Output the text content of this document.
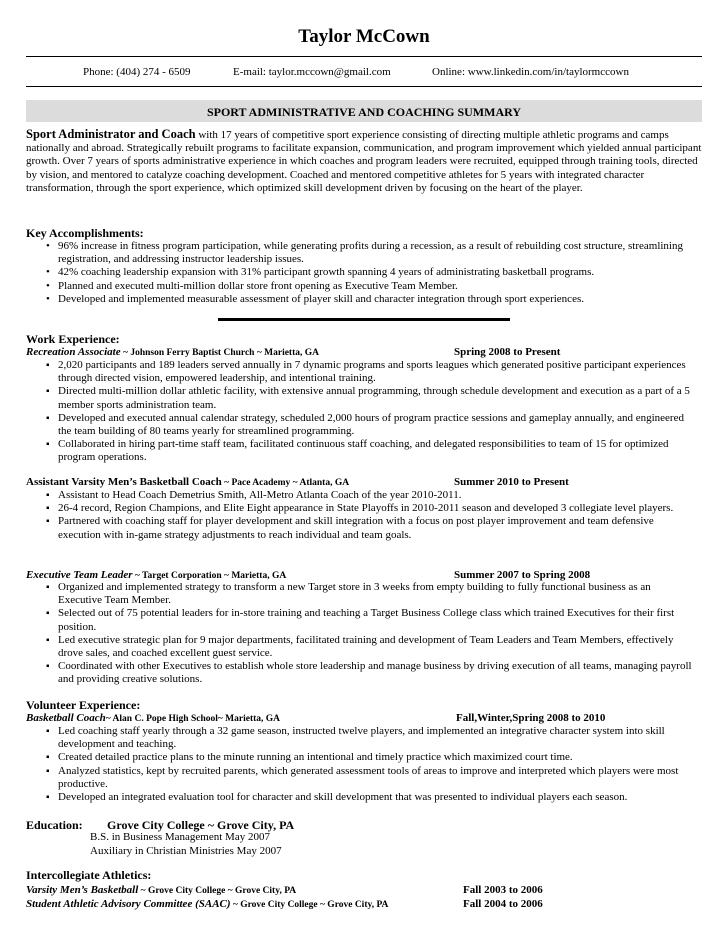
Taylor McCown
Phone: (404) 274 - 6509	E-mail: taylor.mccown@gmail.com	Online: www.linkedin.com/in/taylormccown
SPORT ADMINISTRATIVE AND COACHING SUMMARY
Sport Administrator and Coach with 17 years of competitive sport experience consisting of directing multiple athletic programs and camps nationally and abroad. Strategically rebuilt programs to facilitate expansion, communication, and program improvement which yielded annual participant growth. Over 7 years of sports administrative experience in which coaches and program leaders were recruited, equipped through training tools, directed by vision, and mentored to catalyze coaching development. Coached and mentored competitive athletes for 5 years with integrated character transformation, through the sport experience, which optimized skill development driven by focusing on the heart of the player.
Key Accomplishments:
• 96% increase in fitness program participation, while generating profits during a recession, as a result of rebuilding cost structure, streamlining registration, and addressing instructor leadership issues.
• 42% coaching leadership expansion with 31% participant growth spanning 4 years of administrating basketball programs.
• Planned and executed multi-million dollar store front opening as Executive Team Member.
• Developed and implemented measurable assessment of player skill and character integration through sport experiences.
Work Experience:
Recreation Associate ~ Johnson Ferry Baptist Church ~ Marietta, GA	Spring 2008 to Present
▪ 2,020 participants and 189 leaders served annually in 7 dynamic programs and sports leagues which generated positive participant experiences through directed vision, empowered leadership, and intentional training.
▪ Directed multi-million dollar athletic facility, with extensive annual programming, through schedule development and execution as a part of a 5 member sports administration team.
▪ Developed and executed annual calendar strategy, scheduled 2,000 hours of program practice sessions and gameplay annually, and engineered the team building of 80 teams yearly for streamlined programming.
▪ Collaborated in hiring part-time staff team, facilitated continuous staff coaching, and delegated responsibilities to team of 15 for optimized program operations.
Assistant Varsity Men’s Basketball Coach ~ Pace Academy ~ Atlanta, GA	Summer 2010 to Present
▪ Assistant to Head Coach Demetrius Smith, All-Metro Atlanta Coach of the year 2010-2011.
▪ 26-4 record, Region Champions, and Elite Eight appearance in State Playoffs in 2010-2011 season and developed 3 collegiate level players.
▪ Partnered with coaching staff for player development and skill integration with a focus on post player improvement and team defensive execution with in-game strategy adjustments to reach individual and team goals.
Executive Team Leader ~ Target Corporation ~ Marietta, GA	Summer 2007 to Spring 2008
▪ Organized and implemented strategy to transform a new Target store in 3 weeks from empty building to fully functional business as an Executive Team Member.
▪ Selected out of 75 potential leaders for in-store training and teaching a Target Business College class which trained Executives for their first position.
▪ Led executive strategic plan for 9 major departments, facilitated training and development of Team Leaders and Team Members, effectively drove sales, and coached excellent guest service.
▪ Coordinated with other Executives to establish whole store leadership and manage business by driving execution of all teams, managing payroll and providing creative solutions.
Volunteer Experience:
Basketball Coach~ Alan C. Pope High School~ Marietta, GA	Fall,Winter,Spring 2008 to 2010
▪ Led coaching staff yearly through a 32 game season, instructed twelve players, and implemented an integrative character system into skill development and teaching.
▪ Created detailed practice plans to the minute running an intentional and timely practice which maximized court time.
▪ Analyzed statistics, kept by recruited parents, which generated assessment tools of areas to improve and interpreted which players were most productive.
▪ Developed an integrated evaluation tool for character and skill development that was presented to individual players each season.
Education: Grove City College ~ Grove City, PA
B.S. in Business Management May 2007
Auxiliary in Christian Ministries May 2007
Intercollegiate Athletics:
Varsity Men’s Basketball ~ Grove City College ~ Grove City, PA	Fall 2003 to 2006
Student Athletic Advisory Committee (SAAC) ~ Grove City College ~ Grove City, PA	Fall 2004 to 2006
